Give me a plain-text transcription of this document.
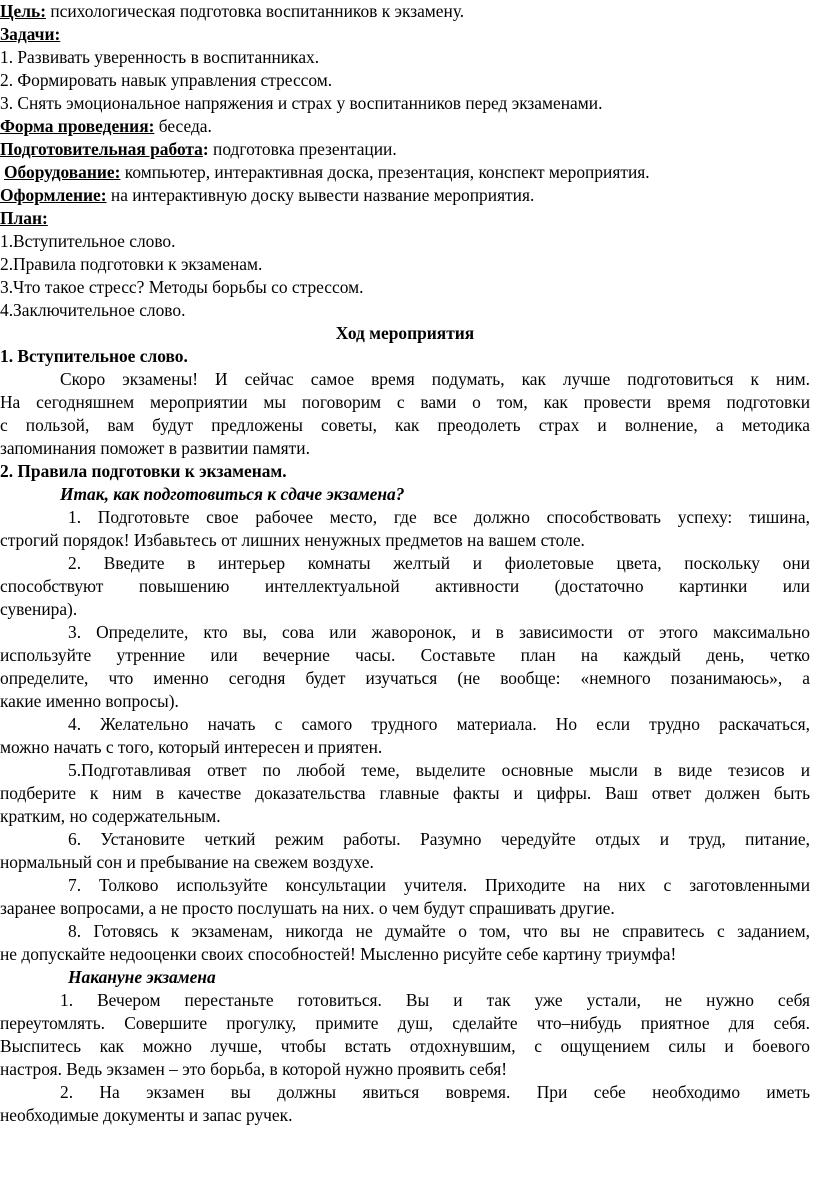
Цель: психологическая подготовка воспитанников к экзамену.
Задачи:
1. Развивать уверенность в воспитанниках.
2. Формировать навык управления стрессом.
3. Снять эмоциональное напряжения и страх у воспитанников перед экзаменами.
Форма проведения: беседа.
Подготовительная работа: подготовка презентации.
Оборудование: компьютер, интерактивная доска, презентация, конспект мероприятия.
Оформление: на интерактивную доску вывести название мероприятия.
План:
1.Вступительное слово.
2.Правила подготовки к экзаменам.
3.Что такое стресс? Методы борьбы со стрессом.
4.Заключительное слово.
Ход мероприятия
1. Вступительное слово.
Скоро экзамены! И сейчас самое время подумать, как лучше подготовиться к ним.
На сегодняшнем мероприятии мы поговорим с вами о том, как провести время подготовки
с пользой, вам будут предложены советы, как преодолеть страх и волнение, а методика
запоминания поможет в развитии памяти.
2. Правила подготовки к экзаменам.
Итак, как подготовиться к сдаче экзамена?
1. Подготовьте свое рабочее место, где все должно способствовать успеху: тишина,
строгий порядок! Избавьтесь от лишних ненужных предметов на вашем столе.
2. Введите в интерьер комнаты желтый и фиолетовые цвета, поскольку они
способствуют повышению интеллектуальной активности (достаточно картинки или
сувенира).
3. Определите, кто вы, сова или жаворонок, и в зависимости от этого максимально
используйте утренние или вечерние часы. Составьте план на каждый день, четко
определите, что именно сегодня будет изучаться (не вообще: «немного позанимаюсь», а
какие именно вопросы).
4. Желательно начать с самого трудного материала. Но если трудно раскачаться,
можно начать с того, который интересен и приятен.
5.Подготавливая ответ по любой теме, выделите основные мысли в виде тезисов и
подберите к ним в качестве доказательства главные факты и цифры. Ваш ответ должен быть
кратким, но содержательным.
6. Установите четкий режим работы. Разумно чередуйте отдых и труд, питание,
нормальный сон и пребывание на свежем воздухе.
7. Толково используйте консультации учителя. Приходите на них с заготовленными
заранее вопросами, а не просто послушать на них. о чем будут спрашивать другие.
8. Готовясь к экзаменам, никогда не думайте о том, что вы не справитесь с заданием,
не допускайте недооценки своих способностей! Мысленно рисуйте себе картину триумфа!
Накануне экзамена
1. Вечером перестаньте готовиться. Вы и так уже устали, не нужно себя
переутомлять. Совершите прогулку, примите душ, сделайте что–нибудь приятное для себя.
Выспитесь как можно лучше, чтобы встать отдохнувшим, с ощущением силы и боевого
настроя. Ведь экзамен – это борьба, в которой нужно проявить себя!
2. На экзамен вы должны явиться вовремя. При себе необходимо иметь
необходимые документы и запас ручек.
